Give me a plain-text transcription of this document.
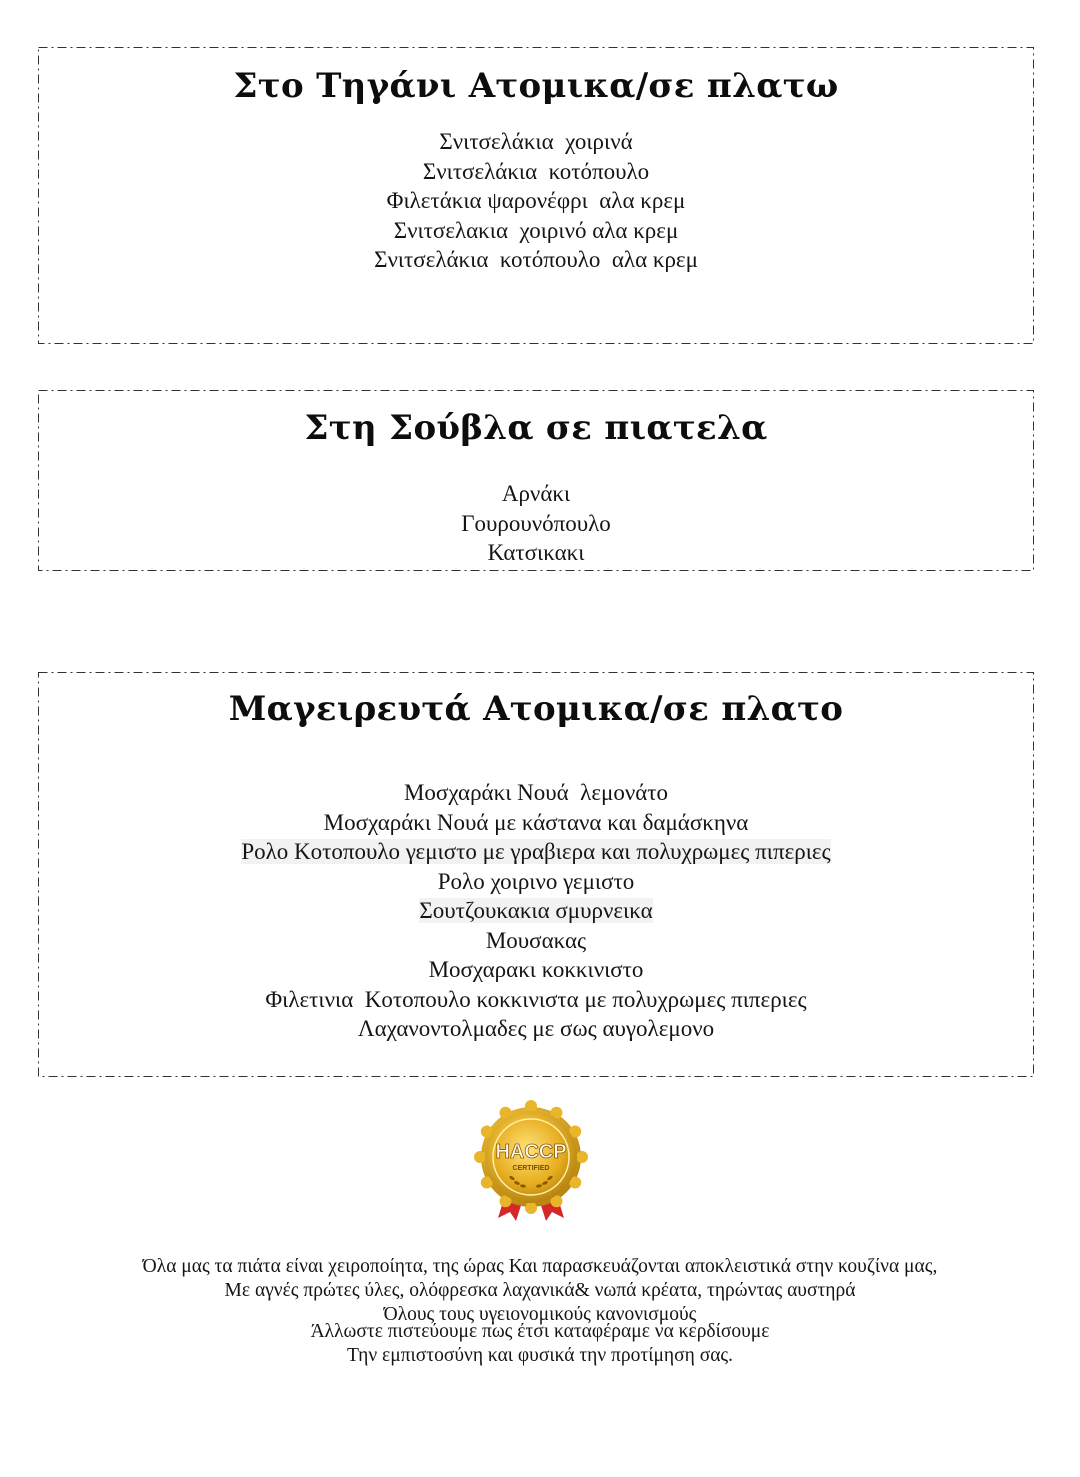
Στο Τηγάνι Ατομικα/σε πλατω
Σνιτσελάκια  χοιρινά
Σνιτσελάκια  κοτόπουλο
Φιλετάκια ψαρονέφρι  αλα κρεμ
Σνιτσελακια  χοιρινό αλα κρεμ
Σνιτσελάκια  κοτόπουλο  αλα κρεμ
Στη Σούβλα σε πιατελα
Αρνάκι
Γουρουνόπουλο
Κατσικακι
Μαγειρευτά Ατομικα/σε πλατο
Μοσχαράκι Νουά  λεμονάτο
Μοσχαράκι Νουά με κάστανα και δαμάσκηνα
Ρολο Κοτοπουλο γεμιστο με γραβιερα και πολυχρωμες πιπεριες
Ρολο χοιρινο γεμιστο
Σουτζουκακια σμυρνεικα
Μουσακας
Μοσχαρακι κοκκινιστο
Φιλετινια  Κοτοπουλο κοκκινιστα με πολυχρωμες πιπεριες
Λαχανοντολμαδες με σως αυγολεμονο
HACCP
CERTIFIED

Όλα μας τα πιάτα είναι χειροποίητα, της ώρας Και παρασκευάζονται αποκλειστικά στην κουζίνα μας,

Με αγνές πρώτες ύλες, ολόφρεσκα λαχανικά& νωπά κρέατα, τηρώντας αυστηρά

Όλους τους υγειονομικούς κανονισμούς

Άλλωστε πιστεύουμε πως έτσι καταφέραμε να κερδίσουμε

Την εμπιστοσύνη και φυσικά την προτίμηση σας.
